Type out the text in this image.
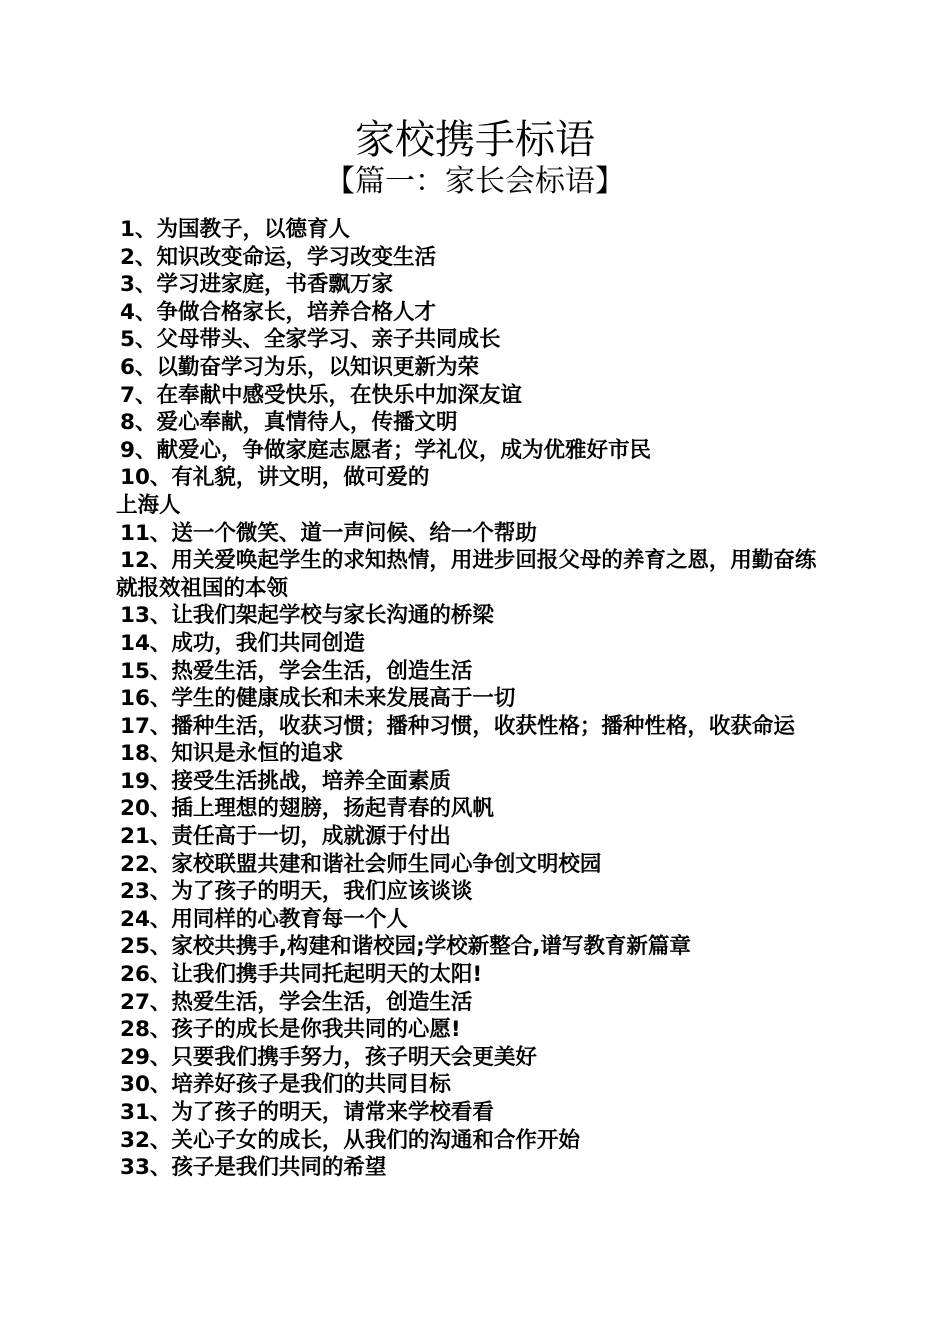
家校携手标语
【篇一：家长会标语】
1、为国教子，以德育人
2、知识改变命运，学习改变生活
3、学习进家庭，书香飘万家
4、争做合格家长，培养合格人才
5、父母带头、全家学习、亲子共同成长
6、以勤奋学习为乐，以知识更新为荣
7、在奉献中感受快乐，在快乐中加深友谊
8、爱心奉献，真情待人，传播文明
9、献爱心，争做家庭志愿者；学礼仪，成为优雅好市民
10、有礼貌，讲文明，做可爱的上海人
11、送一个微笑、道一声问候、给一个帮助
12、用关爱唤起学生的求知热情，用进步回报父母的养育之恩，用勤奋练就报效祖国的本领
13、让我们架起学校与家长沟通的桥梁
14、成功，我们共同创造
15、热爱生活，学会生活，创造生活
16、学生的健康成长和未来发展高于一切
17、播种生活，收获习惯；播种习惯，收获性格；播种性格，收获命运
18、知识是永恒的追求
19、接受生活挑战，培养全面素质
20、插上理想的翅膀，扬起青春的风帆
21、责任高于一切，成就源于付出
22、家校联盟共建和谐社会师生同心争创文明校园
23、为了孩子的明天，我们应该谈谈
24、用同样的心教育每一个人
25、家校共携手,构建和谐校园;学校新整合,谱写教育新篇章
26、让我们携手共同托起明天的太阳!
27、热爱生活，学会生活，创造生活
28、孩子的成长是你我共同的心愿!
29、只要我们携手努力，孩子明天会更美好
30、培养好孩子是我们的共同目标
31、为了孩子的明天，请常来学校看看
32、关心子女的成长，从我们的沟通和合作开始
33、孩子是我们共同的希望
